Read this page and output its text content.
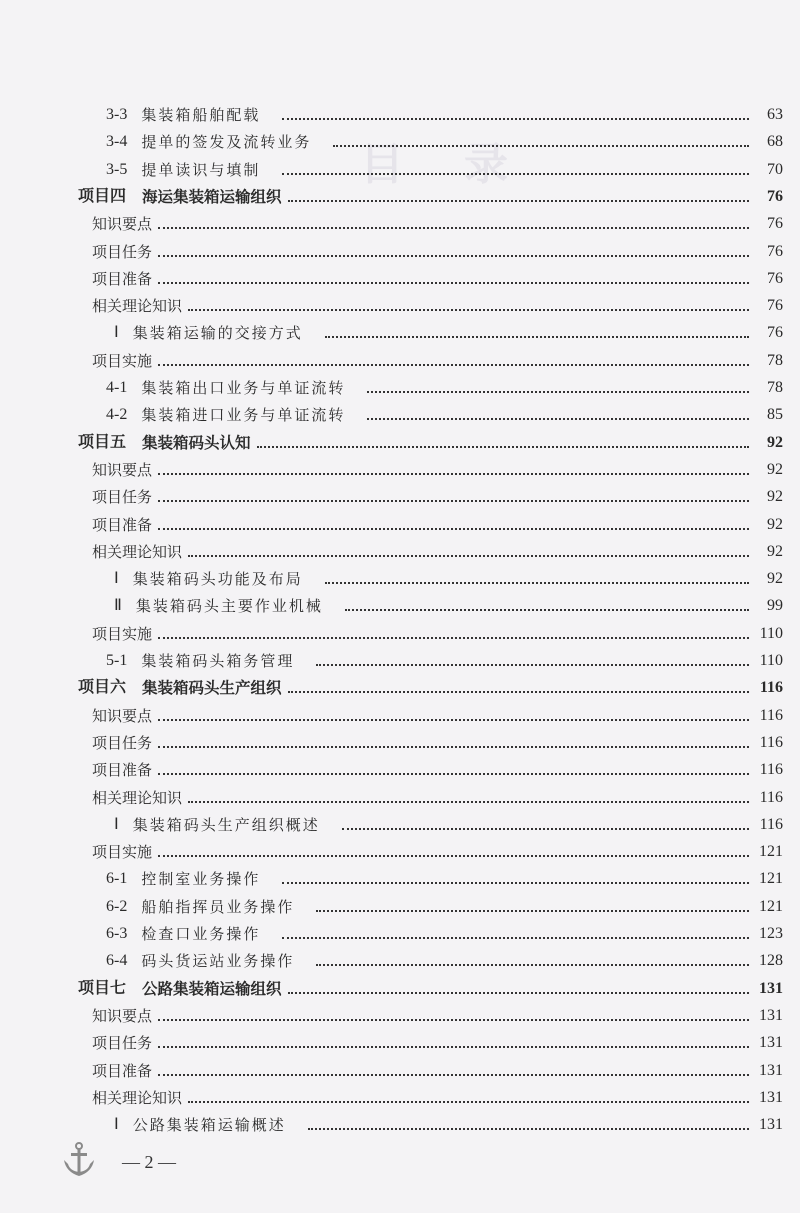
目录
3-3 集装箱船舶配载	63
3-4 提单的签发及流转业务	68
3-5 提单读识与填制	70
项目四 海运集装箱运输组织	76
知识要点	76
项目任务	76
项目准备	76
相关理论知识	76
Ⅰ 集装箱运输的交接方式	76
项目实施	78
4-1 集装箱出口业务与单证流转	78
4-2 集装箱进口业务与单证流转	85
项目五 集装箱码头认知	92
知识要点	92
项目任务	92
项目准备	92
相关理论知识	92
Ⅰ 集装箱码头功能及布局	92
Ⅱ 集装箱码头主要作业机械	99
项目实施	110
5-1 集装箱码头箱务管理	110
项目六 集装箱码头生产组织	116
知识要点	116
项目任务	116
项目准备	116
相关理论知识	116
Ⅰ 集装箱码头生产组织概述	116
项目实施	121
6-1 控制室业务操作	121
6-2 船舶指挥员业务操作	121
6-3 检查口业务操作	123
6-4 码头货运站业务操作	128
项目七 公路集装箱运输组织	131
知识要点	131
项目任务	131
项目准备	131
相关理论知识	131
Ⅰ 公路集装箱运输概述	131
— 2 —
